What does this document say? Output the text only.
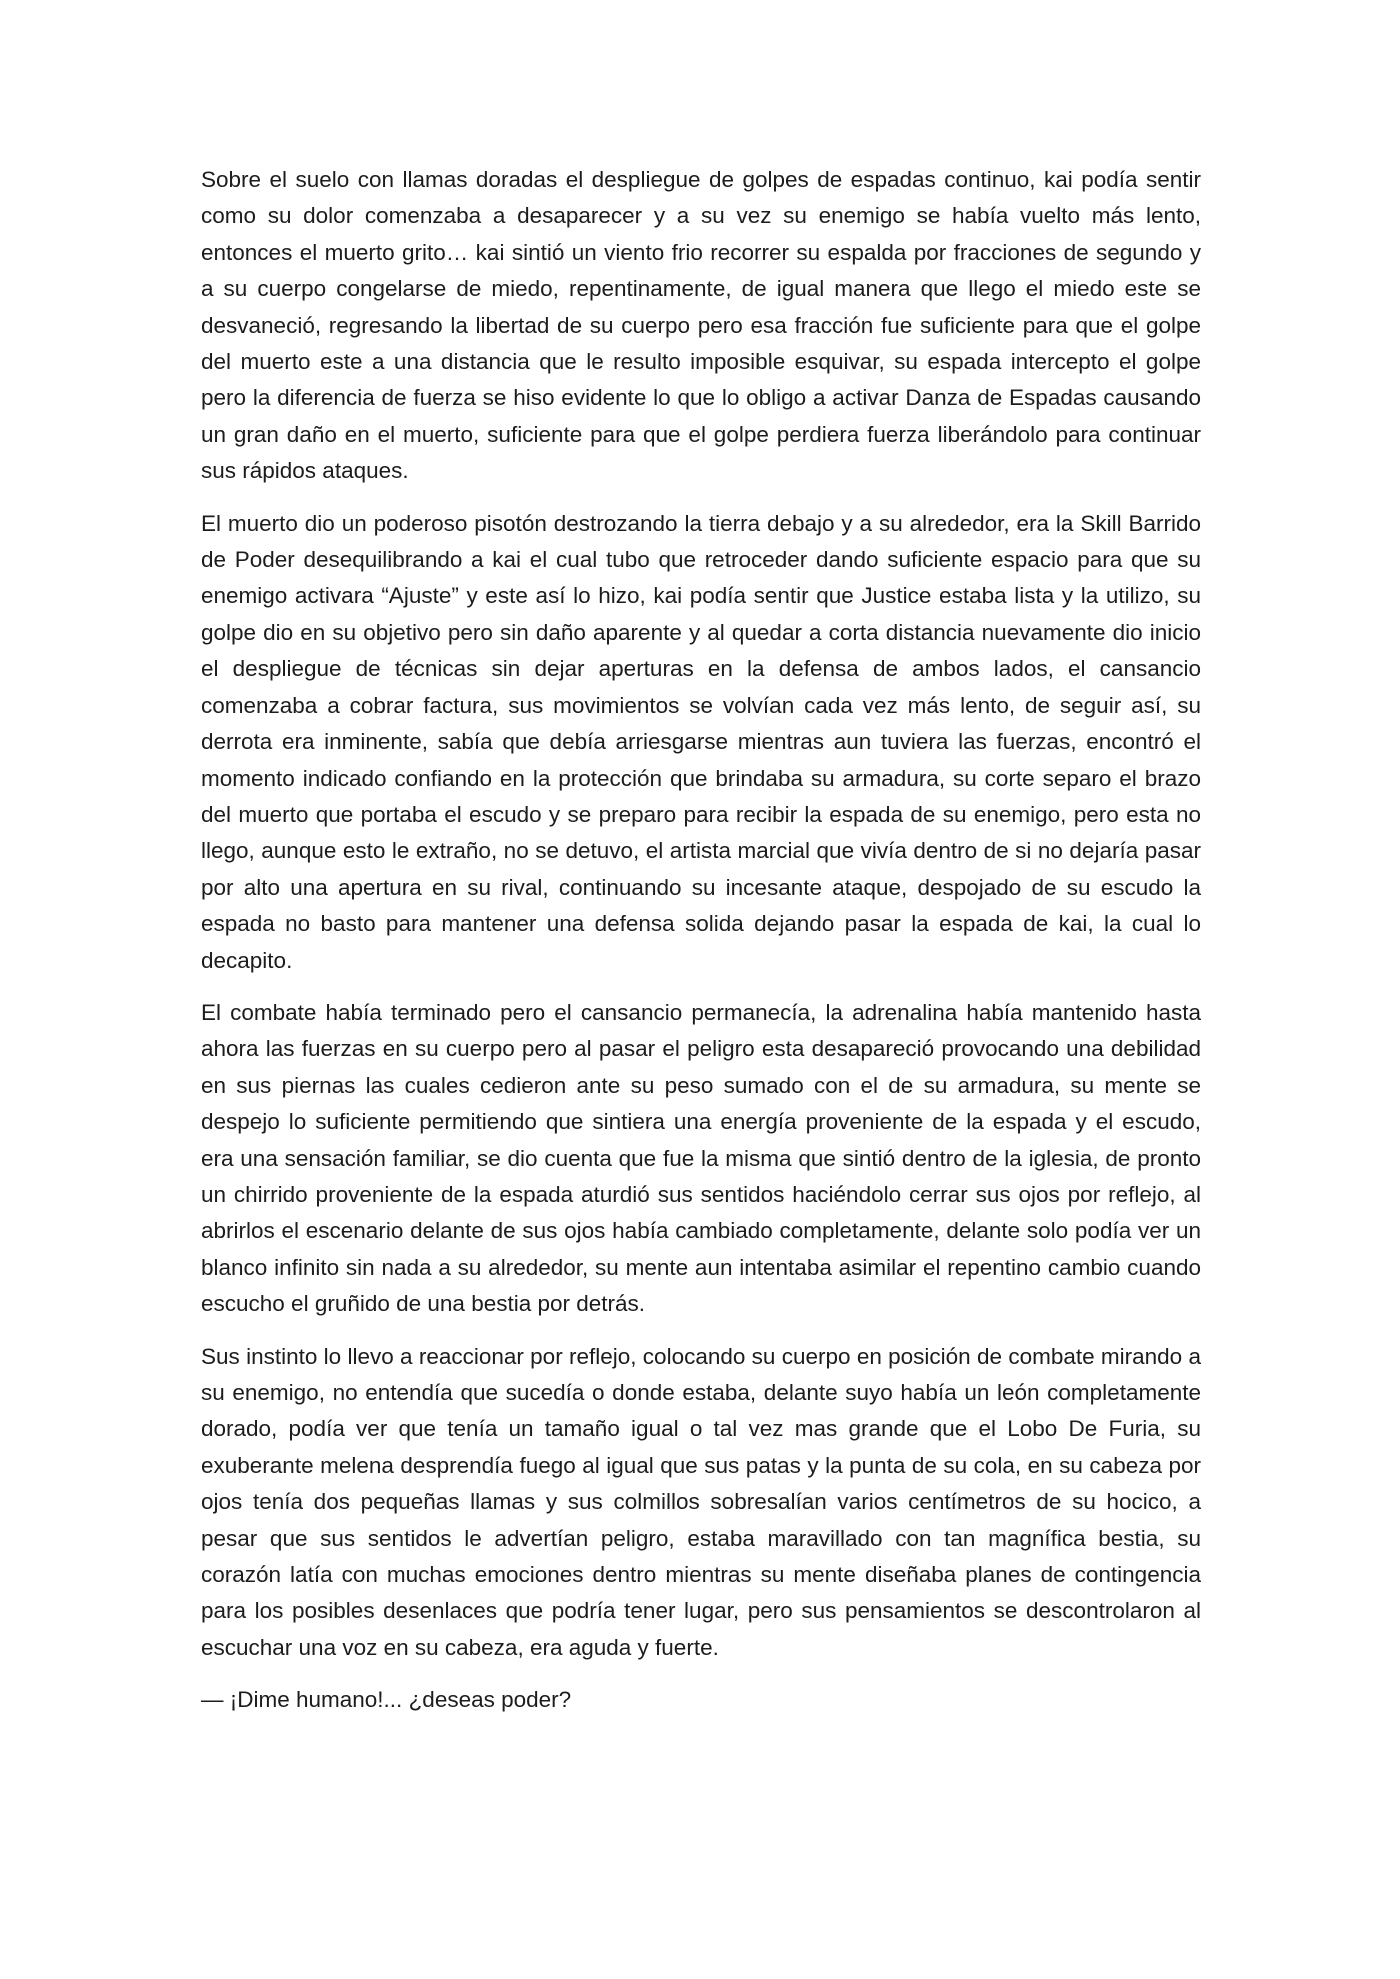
Sobre el suelo con llamas doradas el despliegue de golpes de espadas continuo, kai podía sentir como su dolor comenzaba a desaparecer y a su vez su enemigo se había vuelto más lento, entonces el muerto grito… kai sintió un viento frio recorrer su espalda por fracciones de segundo y a su cuerpo congelarse de miedo, repentinamente, de igual manera que llego el miedo este se desvaneció, regresando la libertad de su cuerpo pero esa fracción fue suficiente para que el golpe del muerto este a una distancia que le resulto imposible esquivar, su espada intercepto el golpe pero la diferencia de fuerza se hiso evidente lo que lo obligo a activar Danza de Espadas causando un gran daño en el muerto, suficiente para que el golpe perdiera fuerza liberándolo para continuar sus rápidos ataques.

El muerto dio un poderoso pisotón destrozando la tierra debajo y a su alrededor, era la Skill Barrido de Poder desequilibrando a kai el cual tubo que retroceder dando suficiente espacio para que su enemigo activara “Ajuste” y este así lo hizo, kai podía sentir que Justice estaba lista y la utilizo, su golpe dio en su objetivo pero sin daño aparente y al quedar a corta distancia nuevamente dio inicio el despliegue de técnicas sin dejar aperturas en la defensa de ambos lados, el cansancio comenzaba a cobrar factura, sus movimientos se volvían cada vez más lento, de seguir así, su derrota era inminente, sabía que debía arriesgarse mientras aun tuviera las fuerzas, encontró el momento indicado confiando en la protección que brindaba su armadura, su corte separo el brazo del muerto que portaba el escudo y se preparo para recibir la espada de su enemigo, pero esta no llego, aunque esto le extraño, no se detuvo, el artista marcial que vivía dentro de si no dejaría pasar por alto una apertura en su rival, continuando su incesante ataque, despojado de su escudo la espada no basto para mantener una defensa solida dejando pasar la espada de kai, la cual lo decapito.

El combate había terminado pero el cansancio permanecía, la adrenalina había mantenido hasta ahora las fuerzas en su cuerpo pero al pasar el peligro esta desapareció provocando una debilidad en sus piernas las cuales cedieron ante su peso sumado con el de su armadura, su mente se despejo lo suficiente permitiendo que sintiera una energía proveniente de la espada y el escudo, era una sensación familiar, se dio cuenta que fue la misma que sintió dentro de la iglesia, de pronto un chirrido proveniente de la espada aturdió sus sentidos haciéndolo cerrar sus ojos por reflejo, al abrirlos el escenario delante de sus ojos había cambiado completamente, delante solo podía ver un blanco infinito sin nada a su alrededor, su mente aun intentaba asimilar el repentino cambio cuando escucho el gruñido de una bestia por detrás.

Sus instinto lo llevo a reaccionar por reflejo, colocando su cuerpo en posición de combate mirando a su enemigo, no entendía que sucedía o donde estaba, delante suyo había un león completamente dorado, podía ver que tenía un tamaño igual o tal vez mas grande que el Lobo De Furia, su exuberante melena desprendía fuego al igual que sus patas y la punta de su cola, en su cabeza por ojos tenía dos pequeñas llamas y sus colmillos sobresalían varios centímetros de su hocico, a pesar que sus sentidos le advertían peligro, estaba maravillado con tan magnífica bestia, su corazón latía con muchas emociones dentro mientras su mente diseñaba planes de contingencia para los posibles desenlaces que podría tener lugar, pero sus pensamientos se descontrolaron al escuchar una voz en su cabeza, era aguda y fuerte.

— ¡Dime humano!... ¿deseas poder?
